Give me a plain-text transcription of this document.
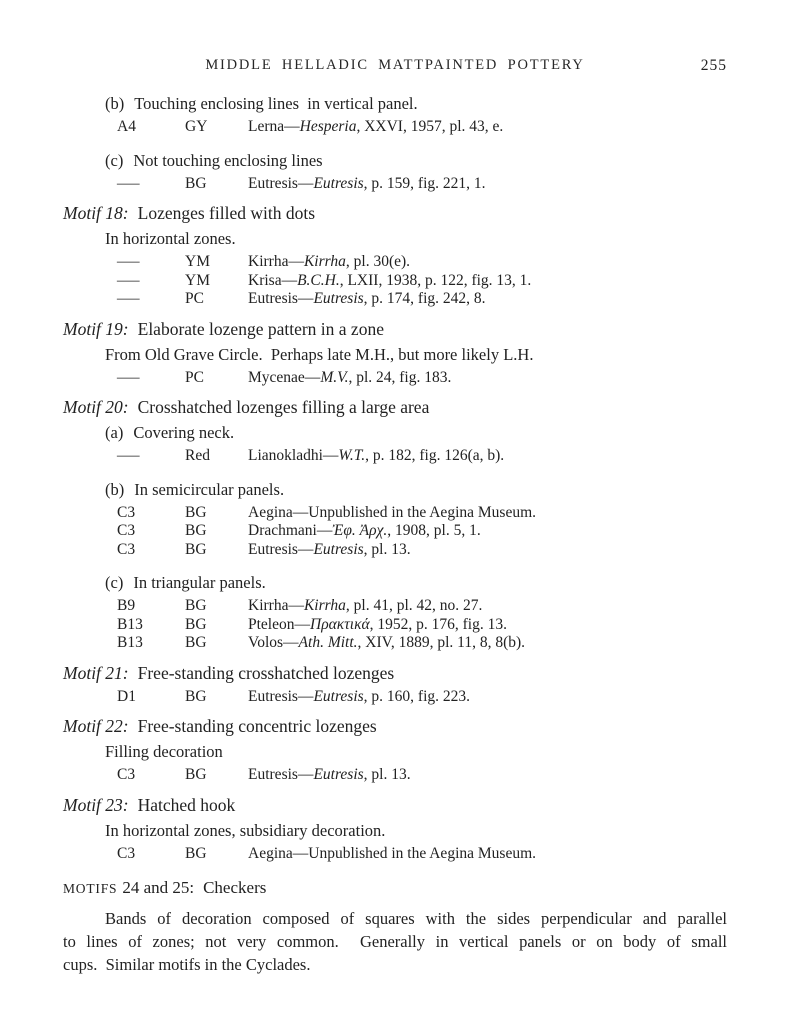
MIDDLE HELLADIC MATTPAINTED POTTERY	255
(b) Touching enclosing lines  in vertical panel.
A4	GY	Lerna—Hesperia, XXVI, 1957, pl. 43, e.
(c) Not touching enclosing lines
—	BG	Eutresis—Eutresis, p. 159, fig. 221, 1.
Motif 18: Lozenges filled with dots
In horizontal zones.
—	YM	Kirrha—Kirrha, pl. 30(e).
—	YM	Krisa—B.C.H., LXII, 1938, p. 122, fig. 13, 1.
—	PC	Eutresis—Eutresis, p. 174, fig. 242, 8.
Motif 19: Elaborate lozenge pattern in a zone
From Old Grave Circle.  Perhaps late M.H., but more likely L.H.
—	PC	Mycenae—M.V., pl. 24, fig. 183.
Motif 20: Crosshatched lozenges filling a large area
(a) Covering neck.
—	Red	Lianokladhi—W.T., p. 182, fig. 126(a, b).
(b) In semicircular panels.
C3	BG	Aegina—Unpublished in the Aegina Museum.
C3	BG	Drachmani—Ἐφ. Ἀρχ., 1908, pl. 5, 1.
C3	BG	Eutresis—Eutresis, pl. 13.
(c) In triangular panels.
B9	BG	Kirrha—Kirrha, pl. 41, pl. 42, no. 27.
B13	BG	Pteleon—Πρακτικά, 1952, p. 176, fig. 13.
B13	BG	Volos—Ath. Mitt., XIV, 1889, pl. 11, 8, 8(b).
Motif 21: Free-standing crosshatched lozenges
D1	BG	Eutresis—Eutresis, p. 160, fig. 223.
Motif 22: Free-standing concentric lozenges
Filling decoration
C3	BG	Eutresis—Eutresis, pl. 13.
Motif 23: Hatched hook
In horizontal zones, subsidiary decoration.
C3	BG	Aegina—Unpublished in the Aegina Museum.
MOTIFS 24 and 25: Checkers
Bands of decoration composed of squares with the sides perpendicular and parallel
to lines of zones; not very common.  Generally in vertical panels or on body of small
cups.  Similar motifs in the Cyclades.
